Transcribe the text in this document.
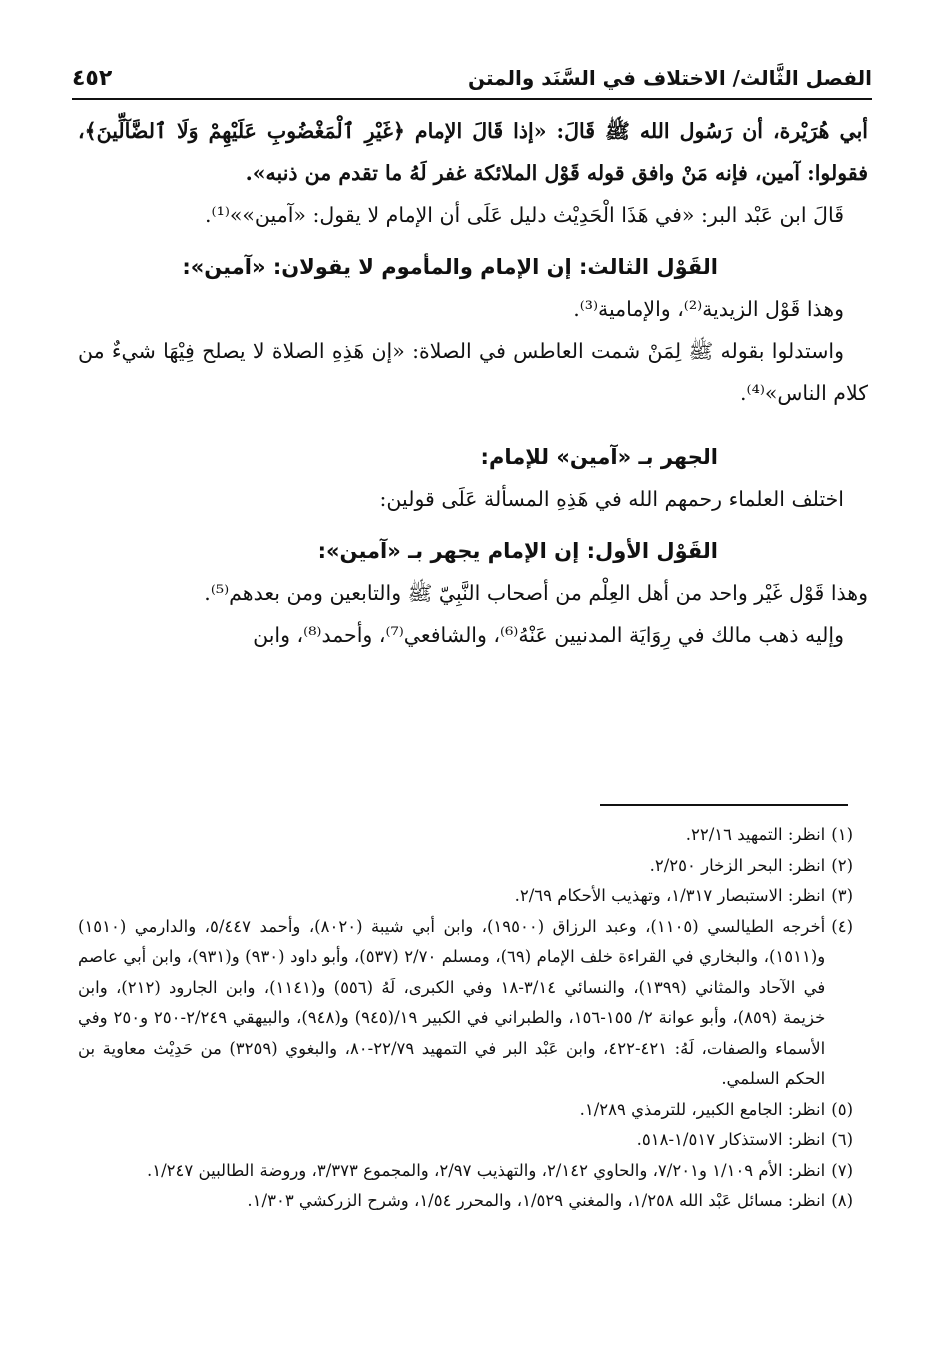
الفصل الثَّالث/ الاختلاف في السَّنَد والمتن
٤٥٢

أبي هُرَيْرة، أن رَسُول الله ﷺ قَالَ: «إذا قَالَ الإمام ﴿غَيْرِ ٱلْمَغْضُوبِ عَلَيْهِمْ وَلَا ٱلضَّآلِّينَ﴾، فقولوا: آمين، فإنه مَنْ وافق قوله قَوْل الملائكة غفر لَهُ ما تقدم من ذنبه».

قَالَ ابن عَبْد البر: «في هَذَا الْحَدِيْث دليل عَلَى أن الإمام لا يقول: «آمين»»⁽¹⁾.

القَوْل الثالث: إن الإمام والمأموم لا يقولان: «آمين»:

وهذا قَوْل الزيدية⁽²⁾، والإمامية⁽³⁾.

واستدلوا بقوله ﷺ لِمَنْ شمت العاطس في الصلاة: «إن هَذِهِ الصلاة لا يصلح فِيْهَا شيءٌ من كلام الناس»⁽⁴⁾.

الجهر بـ «آمين» للإمام:

اختلف العلماء رحمهم الله في هَذِهِ المسألة عَلَى قولين:

القَوْل الأول: إن الإمام يجهر بـ «آمين»:

وهذا قَوْل غَيْر واحد من أهل العِلْم من أصحاب النَّبِيّ ﷺ والتابعين ومن بعدهم⁽⁵⁾.

وإليه ذهب مالك في رِوَايَة المدنيين عَنْهُ⁽⁶⁾، والشافعي⁽⁷⁾، وأحمد⁽⁸⁾، وابن

(١)
انظر: التمهيد ٢٢/١٦.

(٢)
انظر: البحر الزخار ٢/٢٥٠.

(٣)
انظر: الاستبصار ١/٣١٧، وتهذيب الأحكام ٢/٦٩.

(٤)
أخرجه الطيالسي (١١٠٥)، وعبد الرزاق (١٩٥٠٠)، وابن أبي شيبة (٨٠٢٠)، وأحمد ٥/٤٤٧، والدارمي (١٥١٠) و(١٥١١)، والبخاري في القراءة خلف الإمام (٦٩)، ومسلم ٢/٧٠ (٥٣٧)، وأبو داود (٩٣٠) و(٩٣١)، وابن أبي عاصم في الآحاد والمثاني (١٣٩٩)، والنسائي ٣/١٤-١٨ وفي الكبرى، لَهُ (٥٥٦) و(١١٤١)، وابن الجارود (٢١٢)، وابن خزيمة (٨٥٩)، وأبو عوانة ٢/ ١٥٥-١٥٦، والطبراني في الكبير ١٩/(٩٤٥) و(٩٤٨)، والبيهقي ٢/٢٤٩-٢٥٠ و٢٥٠ وفي الأسماء والصفات، لَهُ: ٤٢١-٤٢٢، وابن عَبْد البر في التمهيد ٢٢/٧٩-٨٠، والبغوي (٣٢٥٩) من حَدِيْث معاوية بن الحكم السلمي.

(٥)
انظر: الجامع الكبير، للترمذي ١/٢٨٩.

(٦)
انظر: الاستذكار ١/٥١٧-٥١٨.

(٧)
انظر: الأم ١/١٠٩ و٧/٢٠١، والحاوي ٢/١٤٢، والتهذيب ٢/٩٧، والمجموع ٣/٣٧٣، وروضة الطالبين ١/٢٤٧.

(٨)
انظر: مسائل عَبْد الله ١/٢٥٨، والمغني ١/٥٢٩، والمحرر ١/٥٤، وشرح الزركشي ١/٣٠٣.
